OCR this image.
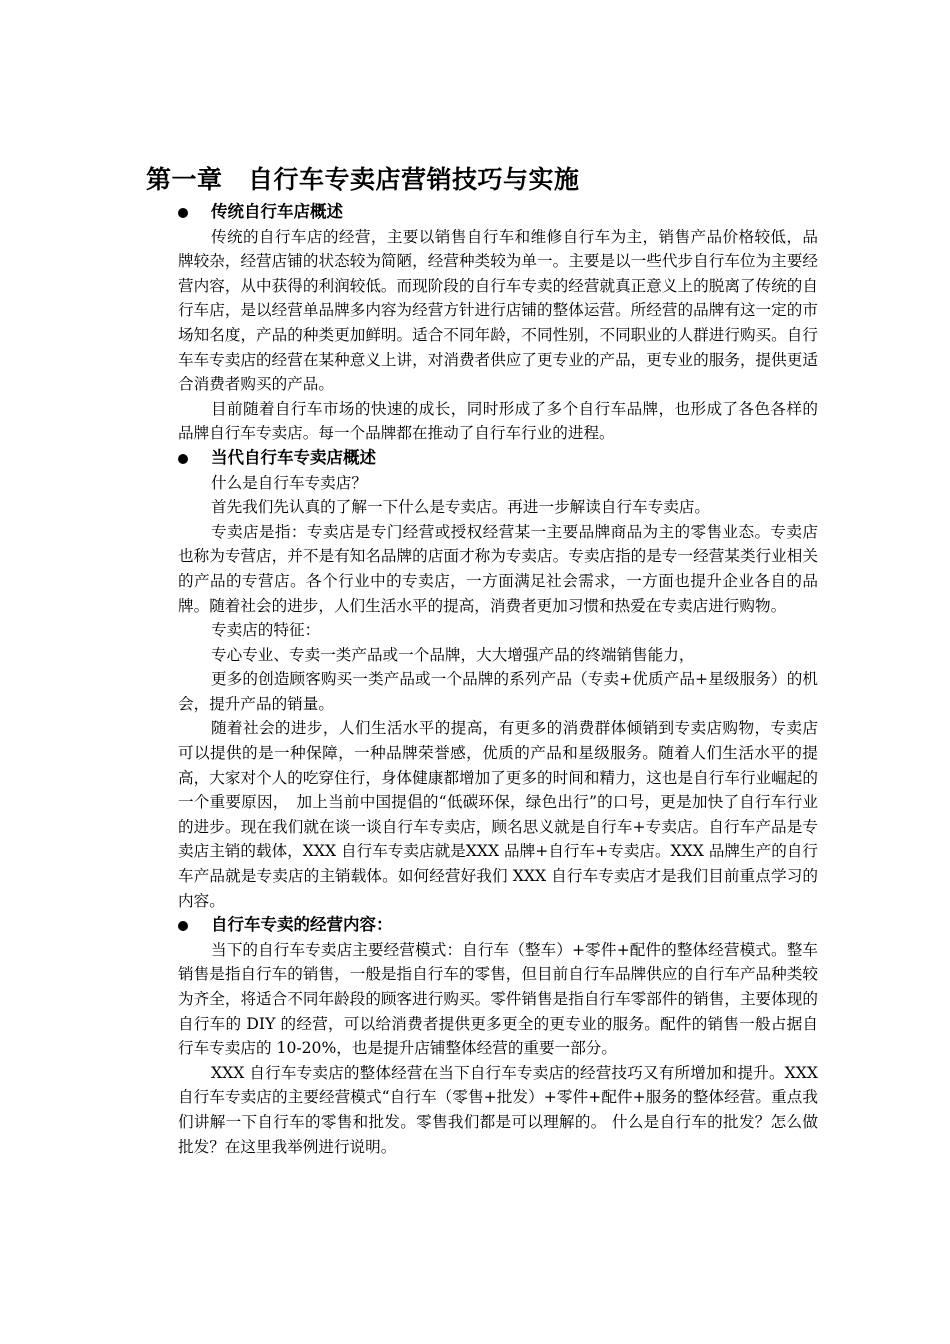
第一章　自行车专卖店营销技巧与实施
传统自行车店概述

传统的自行车店的经营，主要以销售自行车和维修自行车为主，销售产品价格较低，品牌较杂，经营店铺的状态较为简陋，经营种类较为单一。主要是以一些代步自行车位为主要经营内容，从中获得的利润较低。而现阶段的自行车专卖的经营就真正意义上的脱离了传统的自行车店，是以经营单品牌多内容为经营方针进行店铺的整体运营。所经营的品牌有这一定的市场知名度，产品的种类更加鲜明。适合不同年龄，不同性别，不同职业的人群进行购买。自行车车专卖店的经营在某种意义上讲，对消费者供应了更专业的产品，更专业的服务，提供更适合消费者购买的产品。

目前随着自行车市场的快速的成长，同时形成了多个自行车品牌，也形成了各色各样的品牌自行车专卖店。每一个品牌都在推动了自行车行业的进程。

当代自行车专卖店概述

什么是自行车专卖店？

首先我们先认真的了解一下什么是专卖店。再进一步解读自行车专卖店。

专卖店是指：专卖店是专门经营或授权经营某一主要品牌商品为主的零售业态。专卖店也称为专营店，并不是有知名品牌的店面才称为专卖店。专卖店指的是专一经营某类行业相关的产品的专营店。各个行业中的专卖店，一方面满足社会需求，一方面也提升企业各自的品牌。随着社会的进步，人们生活水平的提高，消费者更加习惯和热爱在专卖店进行购物。

专卖店的特征：

专心专业、专卖一类产品或一个品牌，大大增强产品的终端销售能力，

更多的创造顾客购买一类产品或一个品牌的系列产品（专卖+优质产品+星级服务）的机会，提升产品的销量。

随着社会的进步，人们生活水平的提高，有更多的消费群体倾销到专卖店购物，专卖店可以提供的是一种保障，一种品牌荣誉感，优质的产品和星级服务。随着人们生活水平的提高，大家对个人的吃穿住行，身体健康都增加了更多的时间和精力，这也是自行车行业崛起的一个重要原因，　加上当前中国提倡的“低碳环保，绿色出行”的口号，更是加快了自行车行业的进步。现在我们就在谈一谈自行车专卖店，顾名思义就是自行车+专卖店。自行车产品是专卖店主销的载体，XXX 自行车专卖店就是XXX 品牌+自行车+专卖店。XXX 品牌生产的自行车产品就是专卖店的主销载体。如何经营好我们 XXX 自行车专卖店才是我们目前重点学习的内容。

自行车专卖的经营内容：

当下的自行车专卖店主要经营模式：自行车（整车）+零件+配件的整体经营模式。整车销售是指自行车的销售，一般是指自行车的零售，但目前自行车品牌供应的自行车产品种类较为齐全，将适合不同年龄段的顾客进行购买。零件销售是指自行车零部件的销售，主要体现的自行车的 DIY 的经营，可以给消费者提供更多更全的更专业的服务。配件的销售一般占据自行车专卖店的 10-20%，也是提升店铺整体经营的重要一部分。

XXX 自行车专卖店的整体经营在当下自行车专卖店的经营技巧又有所增加和提升。XXX 自行车专卖店的主要经营模式“自行车（零售+批发）+零件+配件+服务的整体经营。重点我们讲解一下自行车的零售和批发。零售我们都是可以理解的。 什么是自行车的批发？怎么做批发？在这里我举例进行说明。
